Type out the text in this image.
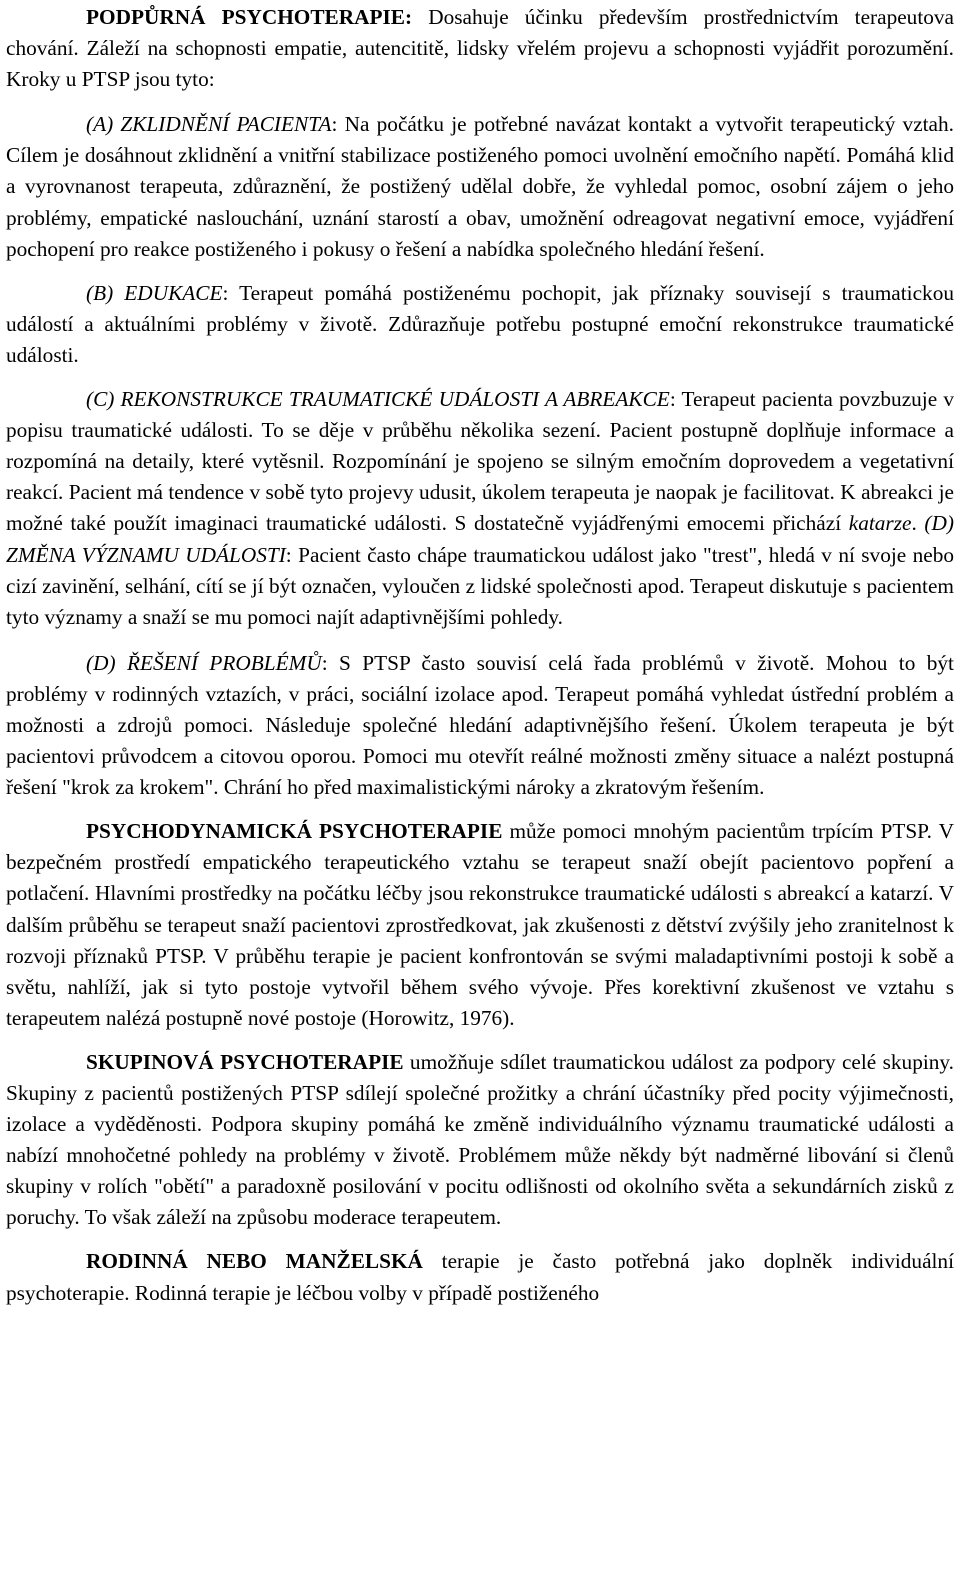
PODPŮRNÁ PSYCHOTERAPIE: Dosahuje účinku především prostřednictvím terapeutova chování. Záleží na schopnosti empatie, autencititě, lidsky vřelém projevu a schopnosti vyjádřit porozumění. Kroky u PTSP jsou tyto:

(A) ZKLIDNĚNÍ PACIENTA: Na počátku je potřebné navázat kontakt a vytvořit terapeutický vztah. Cílem je dosáhnout zklidnění a vnitřní stabilizace postiženého pomoci uvolnění emočního napětí. Pomáhá klid a vyrovnanost terapeuta, zdůraznění, že postižený udělal dobře, že vyhledal pomoc, osobní zájem o jeho problémy, empatické naslouchání, uznání starostí a obav, umožnění odreagovat negativní emoce, vyjádření pochopení pro reakce postiženého i pokusy o řešení a nabídka společného hledání řešení.

(B) EDUKACE: Terapeut pomáhá postiženému pochopit, jak příznaky souvisejí s traumatickou událostí a aktuálními problémy v životě. Zdůrazňuje potřebu postupné emoční rekonstrukce traumatické události.

(C) REKONSTRUKCE TRAUMATICKÉ UDÁLOSTI A ABREAKCE: Terapeut pacienta povzbuzuje v popisu traumatické události. To se děje v průběhu několika sezení. Pacient postupně doplňuje informace a rozpomíná na detaily, které vytěsnil. Rozpomínání je spojeno se silným emočním doprovedem a vegetativní reakcí. Pacient má tendence v sobě tyto projevy udusit, úkolem terapeuta je naopak je facilitovat. K abreakci je možné také použít imaginaci traumatické události. S dostatečně vyjádřenými emocemi přichází katarze. (D) ZMĚNA VÝZNAMU UDÁLOSTI: Pacient často chápe traumatickou událost jako "trest", hledá v ní svoje nebo cizí zavinění, selhání, cítí se jí být označen, vyloučen z lidské společnosti apod. Terapeut diskutuje s pacientem tyto významy a snaží se mu pomoci najít adaptivnějšími pohledy.

(D) ŘEŠENÍ PROBLÉMŮ: S PTSP často souvisí celá řada problémů v životě. Mohou to být problémy v rodinných vztazích, v práci, sociální izolace apod. Terapeut pomáhá vyhledat ústřední problém a možnosti a zdrojů pomoci. Následuje společné hledání adaptivnějšího řešení. Úkolem terapeuta je být pacientovi průvodcem a citovou oporou. Pomoci mu otevřít reálné možnosti změny situace a nalézt postupná řešení "krok za krokem". Chrání ho před maximalistickými nároky a zkratovým řešením.

PSYCHODYNAMICKÁ PSYCHOTERAPIE může pomoci mnohým pacientům trpícím PTSP. V bezpečném prostředí empatického terapeutického vztahu se terapeut snaží obejít pacientovo popření a potlačení. Hlavními prostředky na počátku léčby jsou rekonstrukce traumatické události s abreakcí a katarzí. V dalším průběhu se terapeut snaží pacientovi zprostředkovat, jak zkušenosti z dětství zvýšily jeho zranitelnost k rozvoji příznaků PTSP. V průběhu terapie je pacient konfrontován se svými maladaptivními postoji k sobě a světu, nahlíží, jak si tyto postoje vytvořil během svého vývoje. Přes korektivní zkušenost ve vztahu s terapeutem nalézá postupně nové postoje (Horowitz, 1976).

SKUPINOVÁ PSYCHOTERAPIE umožňuje sdílet traumatickou událost za podpory celé skupiny. Skupiny z pacientů postižených PTSP sdílejí společné prožitky a chrání účastníky před pocity výjimečnosti, izolace a vyděděnosti. Podpora skupiny pomáhá ke změně individuálního významu traumatické události a nabízí mnohočetné pohledy na problémy v životě. Problémem může někdy být nadměrné libování si členů skupiny v rolích "obětí" a paradoxně posilování v pocitu odlišnosti od okolního světa a sekundárních zisků z poruchy. To však záleží na způsobu moderace terapeutem.

RODINNÁ NEBO MANŽELSKÁ terapie je často potřebná jako doplněk individuální psychoterapie. Rodinná terapie je léčbou volby v případě postiženého
